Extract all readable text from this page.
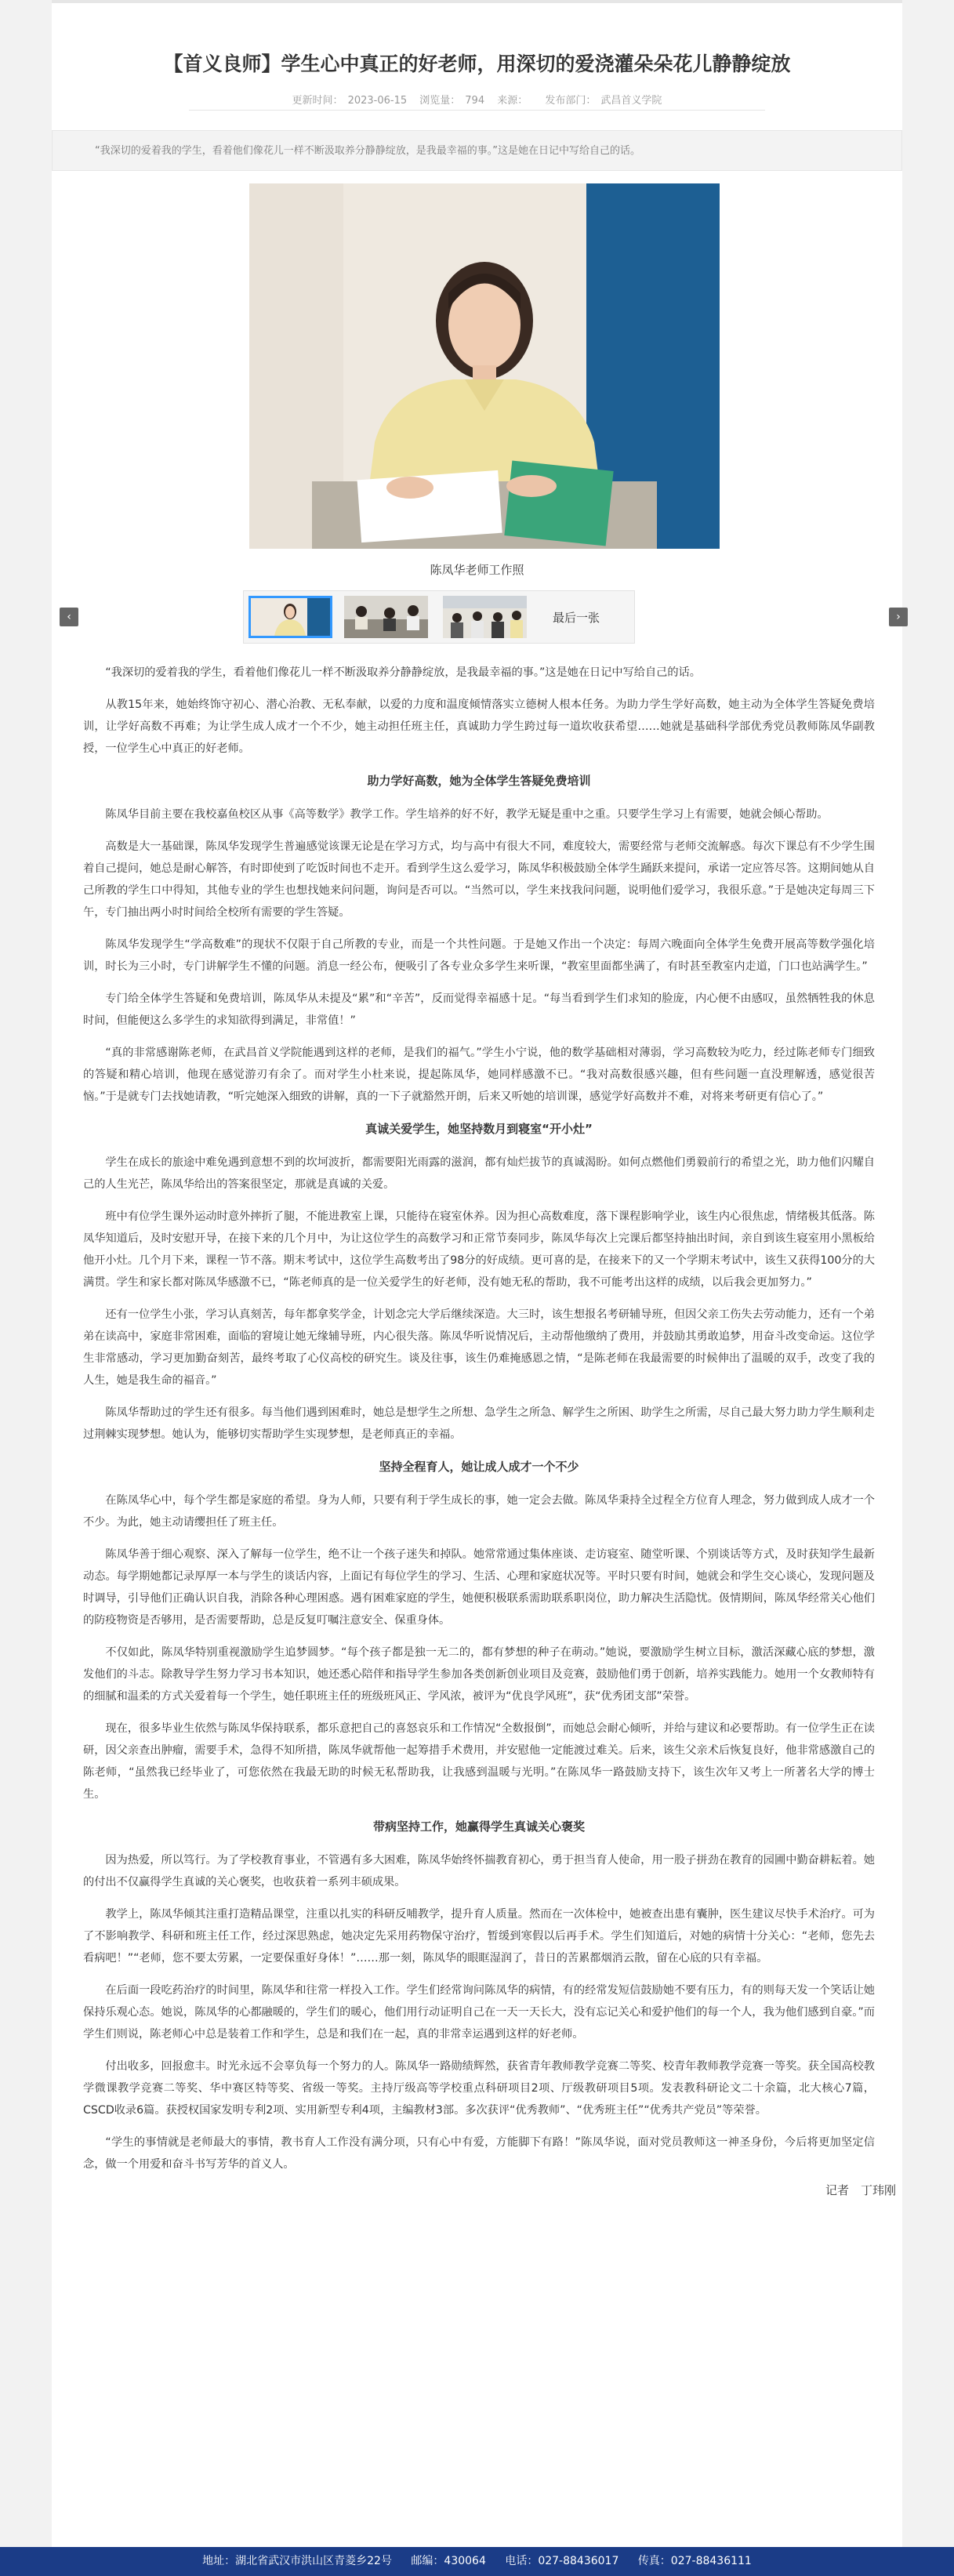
【首义良师】学生心中真正的好老师，用深切的爱浇灌朵朵花儿静静绽放
更新时间： 2023-06-15 浏览量： 794 来源： 发布部门： 武昌首义学院
“我深切的爱着我的学生，看着他们像花儿一样不断汲取养分静静绽放，是我最幸福的事。”这是她在日记中写给自己的话。
陈凤华老师工作照
‹	›
最后一张

“我深切的爱着我的学生，看着他们像花儿一样不断汲取养分静静绽放，是我最幸福的事。”这是她在日记中写给自己的话。

从教15年来，她始终饰守初心、潜心治教、无私奉献，以爱的力度和温度倾情落实立德树人根本任务。为助力学生学好高数，她主动为全体学生答疑免费培训，让学好高数不再难；为让学生成人成才一个不少，她主动担任班主任，真诚助力学生跨过每一道坎收获希望……她就是基础科学部优秀党员教师陈凤华副教授，一位学生心中真正的好老师。

助力学好高数，她为全体学生答疑免费培训

陈凤华目前主要在我校嘉鱼校区从事《高等数学》教学工作。学生培养的好不好，教学无疑是重中之重。只要学生学习上有需要，她就会倾心帮助。

高数是大一基础课，陈凤华发现学生普遍感觉该课无论是在学习方式，均与高中有很大不同，难度较大，需要经常与老师交流解惑。每次下课总有不少学生围着自己提问，她总是耐心解答，有时即使到了吃饭时间也不走开。看到学生这么爱学习，陈凤华积极鼓励全体学生踊跃来提问，承诺一定应答尽答。这期间她从自己所教的学生口中得知，其他专业的学生也想找她来问问题，询问是否可以。“当然可以，学生来找我问问题，说明他们爱学习，我很乐意。”于是她决定每周三下午，专门抽出两小时时间给全校所有需要的学生答疑。

陈凤华发现学生“学高数难”的现状不仅限于自己所教的专业，而是一个共性问题。于是她又作出一个决定：每周六晚面向全体学生免费开展高等数学强化培训，时长为三小时，专门讲解学生不懂的问题。消息一经公布，便吸引了各专业众多学生来听课，“教室里面都坐满了，有时甚至教室内走道，门口也站满学生。”

专门给全体学生答疑和免费培训，陈凤华从未提及“累”和“辛苦”，反而觉得幸福感十足。“每当看到学生们求知的脸庞，内心便不由感叹，虽然牺牲我的休息时间，但能便这么多学生的求知欲得到满足，非常值！”

“真的非常感谢陈老师，在武昌首义学院能遇到这样的老师，是我们的福气。”学生小宁说，他的数学基础相对薄弱，学习高数较为吃力，经过陈老师专门细致的答疑和精心培训，他现在感觉游刃有余了。而对学生小杜来说，提起陈凤华，她同样感激不已。“我对高数很感兴趣，但有些问题一直没理解透，感觉很苦恼。”于是就专门去找她请教，“听完她深入细致的讲解，真的一下子就豁然开朗，后来又听她的培训课，感觉学好高数并不难，对将来考研更有信心了。”

真诚关爱学生，她坚持数月到寝室“开小灶”

学生在成长的旅途中难免遇到意想不到的坎坷波折，都需要阳光雨露的滋润，都有灿烂拔节的真诚渴盼。如何点燃他们勇毅前行的希望之光，助力他们闪耀自己的人生光芒，陈凤华给出的答案很坚定，那就是真诚的关爱。

班中有位学生课外运动时意外摔折了腿，不能进教室上课，只能待在寝室休养。因为担心高数难度，落下课程影响学业，该生内心很焦虑，情绪极其低落。陈凤华知道后，及时安慰开导，在接下来的几个月中，为让这位学生的高数学习和正常节奏同步，陈凤华每次上完课后都坚持抽出时间，亲自到该生寝室用小黑板给他开小灶。几个月下来，课程一节不落。期末考试中，这位学生高数考出了98分的好成绩。更可喜的是，在接来下的又一个学期末考试中，该生又获得100分的大满贯。学生和家长都对陈凤华感激不已，“陈老师真的是一位关爱学生的好老师，没有她无私的帮助，我不可能考出这样的成绩，以后我会更加努力。”

还有一位学生小张，学习认真刻苦，每年都拿奖学金，计划念完大学后继续深造。大三时，该生想报名考研辅导班，但因父亲工伤失去劳动能力，还有一个弟弟在读高中，家庭非常困难，面临的窘境让她无缘辅导班，内心很失落。陈凤华听说情况后，主动帮他缴纳了费用，并鼓励其勇敢追梦，用奋斗改变命运。这位学生非常感动，学习更加勤奋刻苦，最终考取了心仪高校的研究生。谈及往事，该生仍难掩感恩之情，“是陈老师在我最需要的时候伸出了温暖的双手，改变了我的人生，她是我生命的福音。”

陈凤华帮助过的学生还有很多。每当他们遇到困难时，她总是想学生之所想、急学生之所急、解学生之所困、助学生之所需，尽自己最大努力助力学生顺利走过荆棘实现梦想。她认为，能够切实帮助学生实现梦想，是老师真正的幸福。

坚持全程育人，她让成人成才一个不少

在陈凤华心中，每个学生都是家庭的希望。身为人师，只要有利于学生成长的事，她一定会去做。陈凤华秉持全过程全方位育人理念，努力做到成人成才一个不少。为此，她主动请缨担任了班主任。

陈凤华善于细心观察、深入了解每一位学生，绝不让一个孩子迷失和掉队。她常常通过集体座谈、走访寝室、随堂听课、个别谈话等方式，及时获知学生最新动态。每学期她都记录厚厚一本与学生的谈话内容，上面记有每位学生的学习、生活、心理和家庭状况等。平时只要有时间，她就会和学生交心谈心，发现问题及时调导，引导他们正确认识自我，消除各种心理困惑。遇有困难家庭的学生，她便积极联系需助联系职岗位，助力解决生活隐忧。伋情期间，陈凤华经常关心他们的防疫物资是否够用，是否需要帮助，总是反复叮嘱注意安全、保重身体。

不仅如此，陈凤华特别重视激励学生追梦圆梦。“每个孩子都是独一无二的，都有梦想的种子在萌动。”她说，要激励学生树立目标，激活深藏心底的梦想，激发他们的斗志。除教导学生努力学习书本知识，她还悉心陪伴和指导学生参加各类创新创业项目及竞赛，鼓励他们勇于创新，培养实践能力。她用一个女教师特有的细腻和温柔的方式关爱着每一个学生，她任职班主任的班级班风正、学风浓，被评为“优良学风班”，获“优秀团支部”荣誉。

现在，很多毕业生依然与陈凤华保持联系，都乐意把自己的喜怒哀乐和工作情况“全数报倒”，而她总会耐心倾听，并给与建议和必要帮助。有一位学生正在读研，因父亲查出肿瘤，需要手术，急得不知所措，陈凤华就帮他一起筹措手术费用，并安慰他一定能渡过难关。后来，该生父亲术后恢复良好，他非常感激自己的陈老师，“虽然我已经毕业了，可您依然在我最无助的时候无私帮助我，让我感到温暖与光明。”在陈凤华一路鼓励支持下，该生次年又考上一所著名大学的博士生。

带病坚持工作，她赢得学生真诚关心褒奖

因为热爱，所以笃行。为了学校教育事业，不管遇有多大困难，陈凤华始终怀揣教育初心，勇于担当育人使命，用一股子拼劲在教育的园圃中勤奋耕耘着。她的付出不仅赢得学生真诚的关心褒奖，也收获着一系列丰硕成果。

教学上，陈凤华倾其注重打造精品课堂，注重以扎实的科研反哺教学，提升育人质量。然而在一次体检中，她被查出患有囊肿，医生建议尽快手术治疗。可为了不影响教学、科研和班主任工作，经过深思熟虑，她决定先采用药物保守治疗，暂缓到寒假以后再手术。学生们知道后，对她的病情十分关心：“老师，您先去看病吧！”“老师，您不要太劳累，一定要保重好身体！”……那一刻，陈凤华的眼眶湿润了，昔日的苦累都烟消云散，留在心底的只有幸福。

在后面一段吃药治疗的时间里，陈凤华和往常一样投入工作。学生们经常询问陈凤华的病情，有的经常发短信鼓励她不要有压力，有的则每天发一个笑话让她保持乐观心态。她说，陈凤华的心都融暖的，学生们的暖心，他们用行动证明自己在一天一天长大，没有忘记关心和爱护他们的每一个人，我为他们感到自豪。”而学生们则说，陈老师心中总是装着工作和学生，总是和我们在一起，真的非常幸运遇到这样的好老师。

付出收多，回报愈丰。时光永远不会辜负每一个努力的人。陈凤华一路勋绩辉然，获省青年教师教学竞赛二等奖、校青年教师教学竞赛一等奖。获全国高校教学微课教学竞赛二等奖、华中赛区特等奖、省级一等奖。主持厅级高等学校重点科研项目2项、厅级教研项目5项。发表教科研论文二十余篇，北大核心7篇，CSCD收录6篇。获授权国家发明专利2项、实用新型专利4项，主编教材3部。多次获评“优秀教师”、“优秀班主任”“优秀共产党员”等荣誉。

“学生的事情就是老师最大的事情，教书育人工作没有满分项，只有心中有爱，方能脚下有路！”陈凤华说，面对党员教师这一神圣身份，今后将更加坚定信念，做一个用爱和奋斗书写芳华的首义人。

记者　丁玮刚
地址：湖北省武汉市洪山区青菱乡22号 邮编：430064 电话：027-88436017 传真：027-88436111
